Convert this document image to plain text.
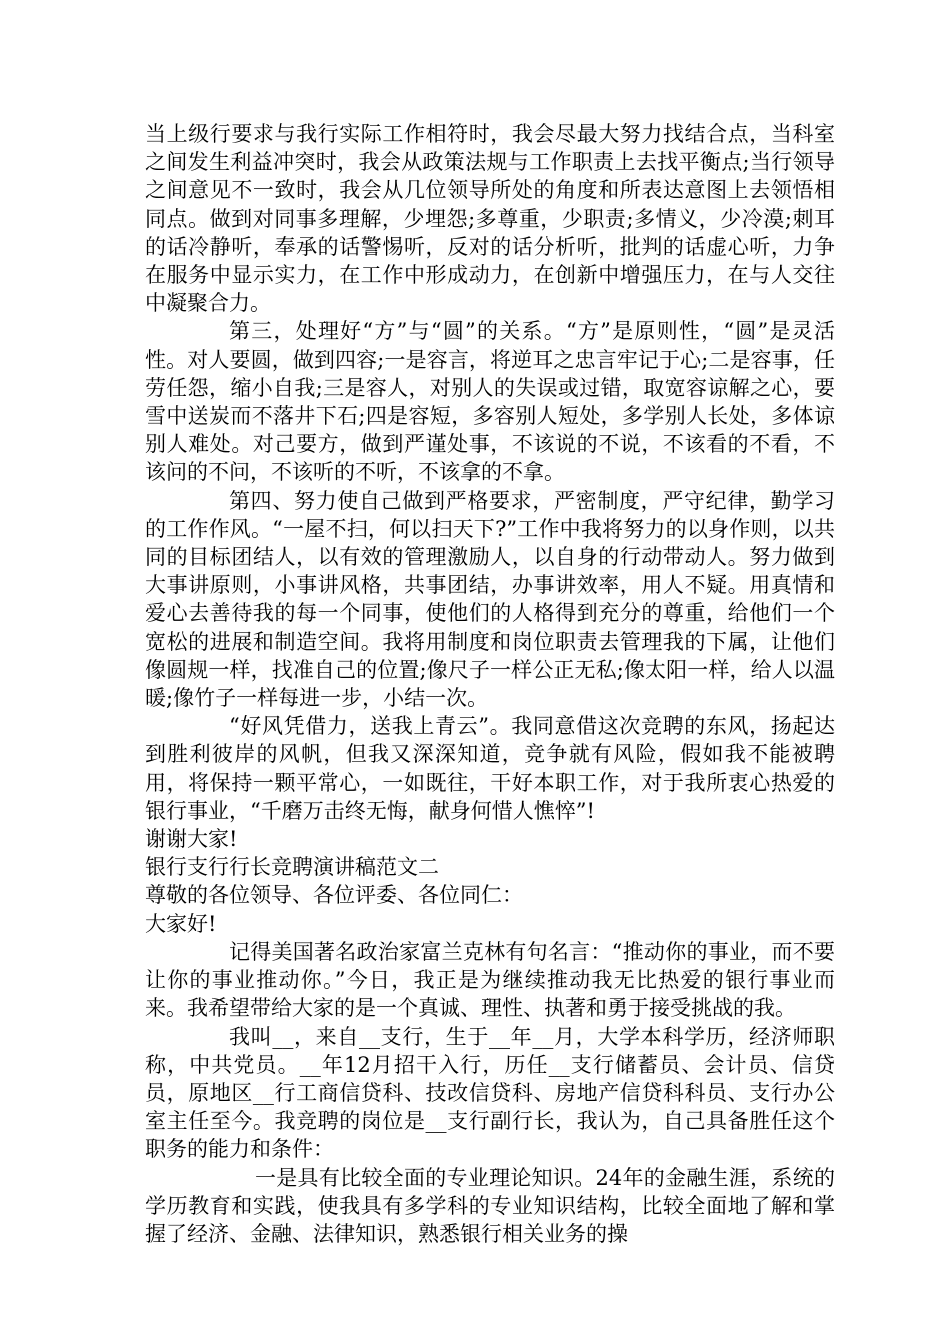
当上级行要求与我行实际工作相符时，我会尽最大努力找结合点，当科室之间发生利益冲突时，我会从政策法规与工作职责上去找平衡点;当行领导之间意见不一致时，我会从几位领导所处的角度和所表达意图上去领悟相同点。做到对同事多理解，少埋怨;多尊重，少职责;多情义，少冷漠;刺耳的话冷静听，奉承的话警惕听，反对的话分析听，批判的话虚心听，力争在服务中显示实力，在工作中形成动力，在创新中增强压力，在与人交往中凝聚合力。

第三，处理好“方”与“圆”的关系。“方”是原则性，“圆”是灵活性。对人要圆，做到四容;一是容言，将逆耳之忠言牢记于心;二是容事，任劳任怨，缩小自我;三是容人，对别人的失误或过错，取宽容谅解之心，要雪中送炭而不落井下石;四是容短，多容别人短处，多学别人长处，多体谅别人难处。对己要方，做到严谨处事，不该说的不说，不该看的不看，不该问的不问，不该听的不听，不该拿的不拿。

第四、努力使自己做到严格要求，严密制度，严守纪律，勤学习的工作作风。“一屋不扫，何以扫天下?”工作中我将努力的以身作则，以共同的目标团结人，以有效的管理激励人，以自身的行动带动人。努力做到大事讲原则，小事讲风格，共事团结，办事讲效率，用人不疑。用真情和爱心去善待我的每一个同事，使他们的人格得到充分的尊重，给他们一个宽松的进展和制造空间。我将用制度和岗位职责去管理我的下属，让他们像圆规一样，找准自己的位置;像尺子一样公正无私;像太阳一样，给人以温暖;像竹子一样每进一步，小结一次。

“好风凭借力，送我上青云”。我同意借这次竞聘的东风，扬起达到胜利彼岸的风帆，但我又深深知道，竞争就有风险，假如我不能被聘用，将保持一颗平常心，一如既往，干好本职工作，对于我所衷心热爱的银行事业，“千磨万击终无悔，献身何惜人憔悴”!

谢谢大家!

银行支行行长竞聘演讲稿范文二

尊敬的各位领导、各位评委、各位同仁：

大家好!

记得美国著名政治家富兰克林有句名言：“推动你的事业，而不要让你的事业推动你。”今日，我正是为继续推动我无比热爱的银行事业而来。我希望带给大家的是一个真诚、理性、执著和勇于接受挑战的我。

我叫__，来自__支行，生于__年__月，大学本科学历，经济师职称，中共党员。__年12月招干入行，历任__支行储蓄员、会计员、信贷员，原地区__行工商信贷科、技改信贷科、房地产信贷科科员、支行办公室主任至今。我竞聘的岗位是__支行副行长，我认为，自己具备胜任这个职务的能力和条件：

一是具有比较全面的专业理论知识。24年的金融生涯，系统的学历教育和实践，使我具有多学科的专业知识结构，比较全面地了解和掌握了经济、金融、法律知识，熟悉银行相关业务的操
